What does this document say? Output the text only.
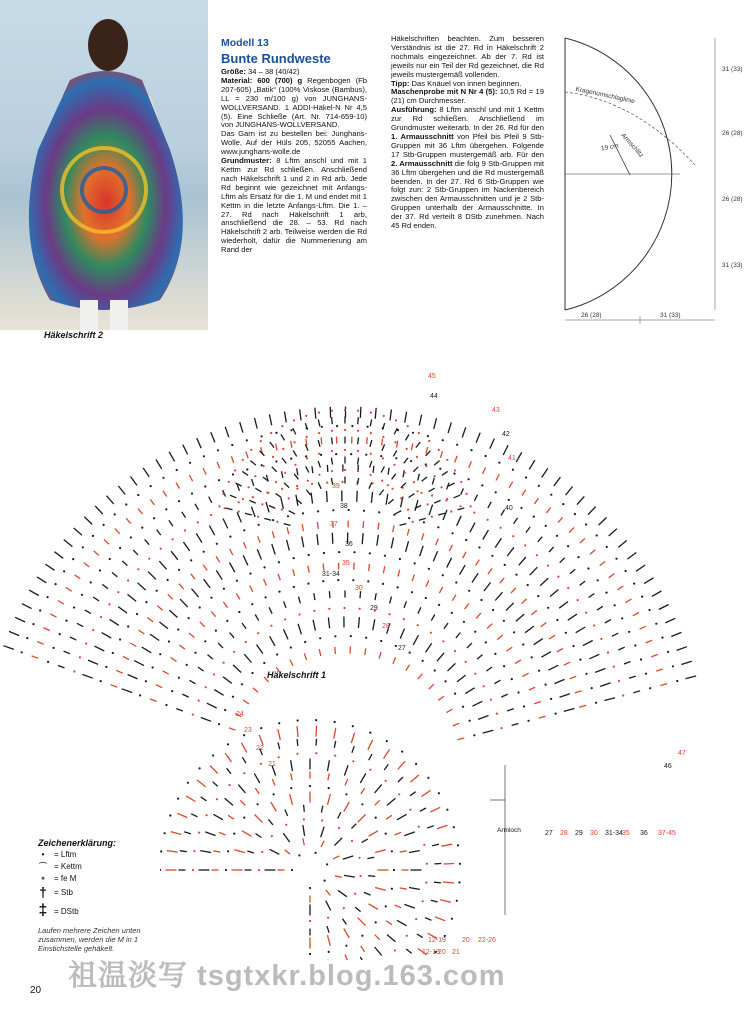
Modell 13
Bunte Rundweste

Größe: 34 – 38 (40/42)

Material: 600 (700) g Regenbogen (Fb 207-605) „Batik“ (100% Viskose (Bambus), LL = 230 m/100 g) von JUNGHANS-WOLLVERSAND. 1 ADDI-Häkel-N Nr 4,5 (5). Eine Schließe (Art. Nr. 714-659-10) von JUNGHANS-WOLLVERSAND.

Das Garn ist zu bestellen bei: Junghans-Wolle, Auf der Hüls 205, 52055 Aachen, www.junghans-wolle.de

Grundmuster: 8 Lftm anschl und mit 1 Kettm zur Rd schließen. Anschließend nach Häkelschrift 1 und 2 in Rd arb. Jede Rd beginnt wie gezeichnet mit Anfangs-Lftm als Ersatz für die 1. M und endet mit 1 Kettm in die letzte Anfangs-Lftm. Die 1. – 27. Rd nach Häkelschrift 1 arb, anschließend die 28. – 53. Rd nach Häkelschrift 2 arb. Teilweise werden die Rd wiederholt, dafür die Nummerierung am Rand der

Häkelschriften beachten. Zum besseren Verständnis ist die 27. Rd in Häkelschrift 2 nochmals eingezeichnet. Ab der 7. Rd ist jeweils nur ein Teil der Rd gezeichnet, die Rd jeweils mustergemäß vollenden.

Tipp: Das Knäuel von innen beginnen.

Maschenprobe mit N Nr 4 (5): 10,5 Rd = 19 (21) cm Durchmesser.

Ausführung: 8 Lftm anschl und mit 1 Kettm zur Rd schließen. Anschließend im Grundmuster weiterarb. In der 26. Rd für den 1. Armausschnitt von Pfeil bis Pfeil 9 Stb-Gruppen mit 36 Lftm übergehen. Folgende 17 Stb-Gruppen mustergemäß arb. Für den 2. Armausschnitt die folg 9 Stb-Gruppen mit 36 Lftm übergehen und die Rd mustergemäß beenden. In der 27. Rd 6 Stb-Gruppen wie folgt zun: 2 Stb-Gruppen im Nackenbereich zwischen den Armausschnitten und je 2 Stb-Gruppen unterhalb der Armausschnitte. In der 37. Rd verteilt 8 DStb zunehmen. Nach 45 Rd enden.

Kragenumschlaglinie
Armschlitz
19 cm
31 (33)
26 (28)
26 (28)
31 (33)
26 (28)	31 (33)
Häkelschrift 2
45
44
43
42
41
40
39
38
37
36
35
31-34
30
29
28
27
47
46
37-45
36
35
31-34
30
29
28
27
Häkelschrift 1
24
23
22
21
20
12-19	22-26
21
20
12-19
Armloch
Zeichenerklärung:
•	= Lftm
⌒ = Kettm
∘	= fe M
† = Stb
‡ = DStb
Laufen mehrere Zeichen unten zusammen, werden die M in 1 Einstichstelle gehäkelt.
20 祖温淡写 tsgtxkr.blog.163.com
